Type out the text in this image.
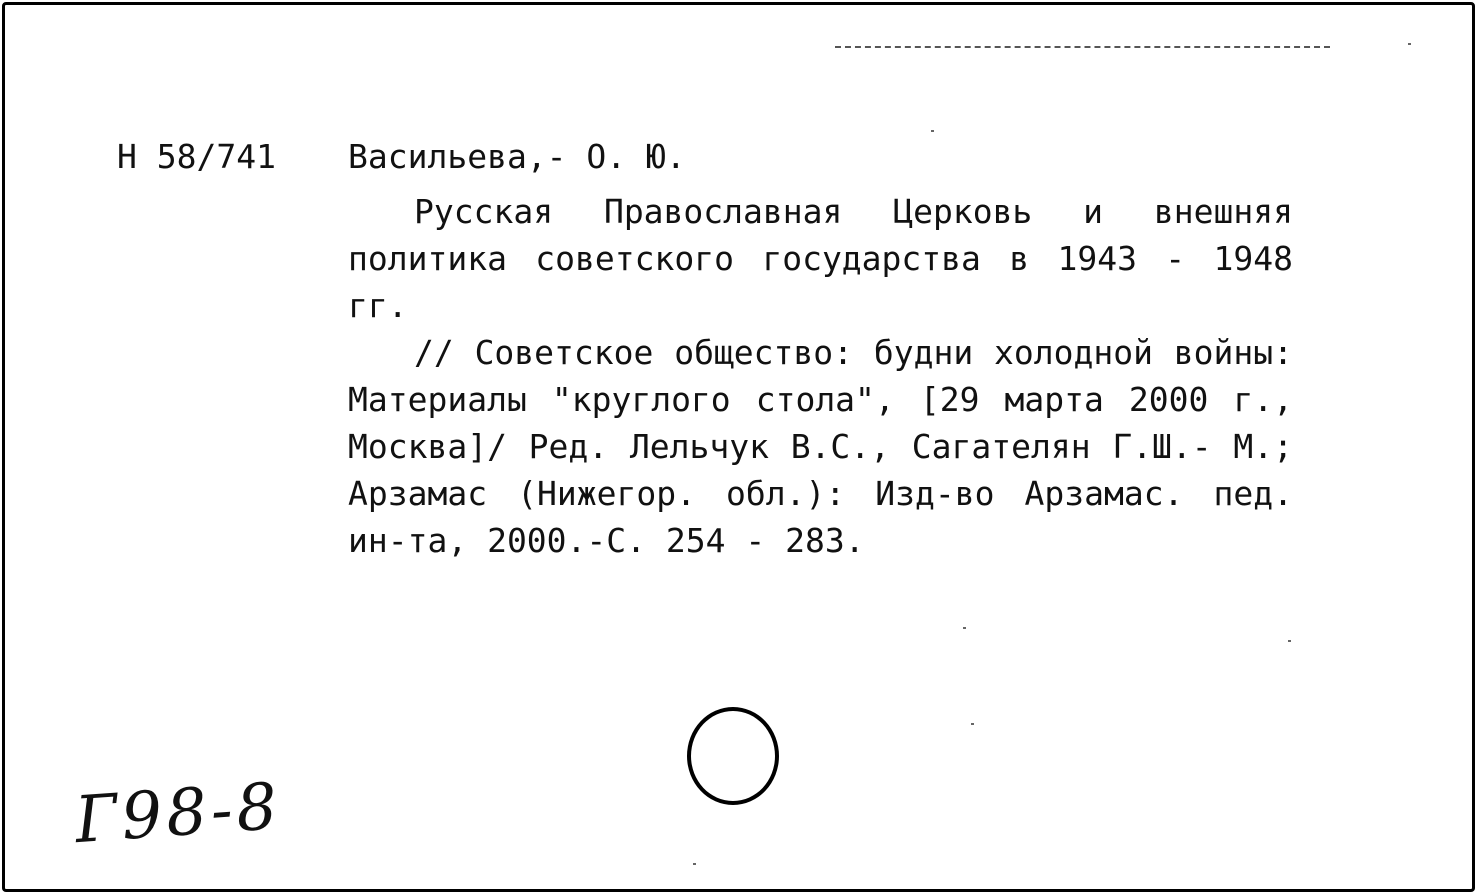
Н 58/741 Васильева,- О. Ю.

Русская Православная Церковь и внешняя политика советского государства в 1943 - 1948 гг.

// Советское общество: будни холодной войны: Материалы "круглого стола", [29 марта 2000 г., Москва]/ Ред. Лельчук В.С., Сагателян Г.Ш.- М.; Арзамас (Нижегор. обл.): Изд-во Арзамас. пед. ин-та, 2000.-С. 254 - 283.

Г98-8
